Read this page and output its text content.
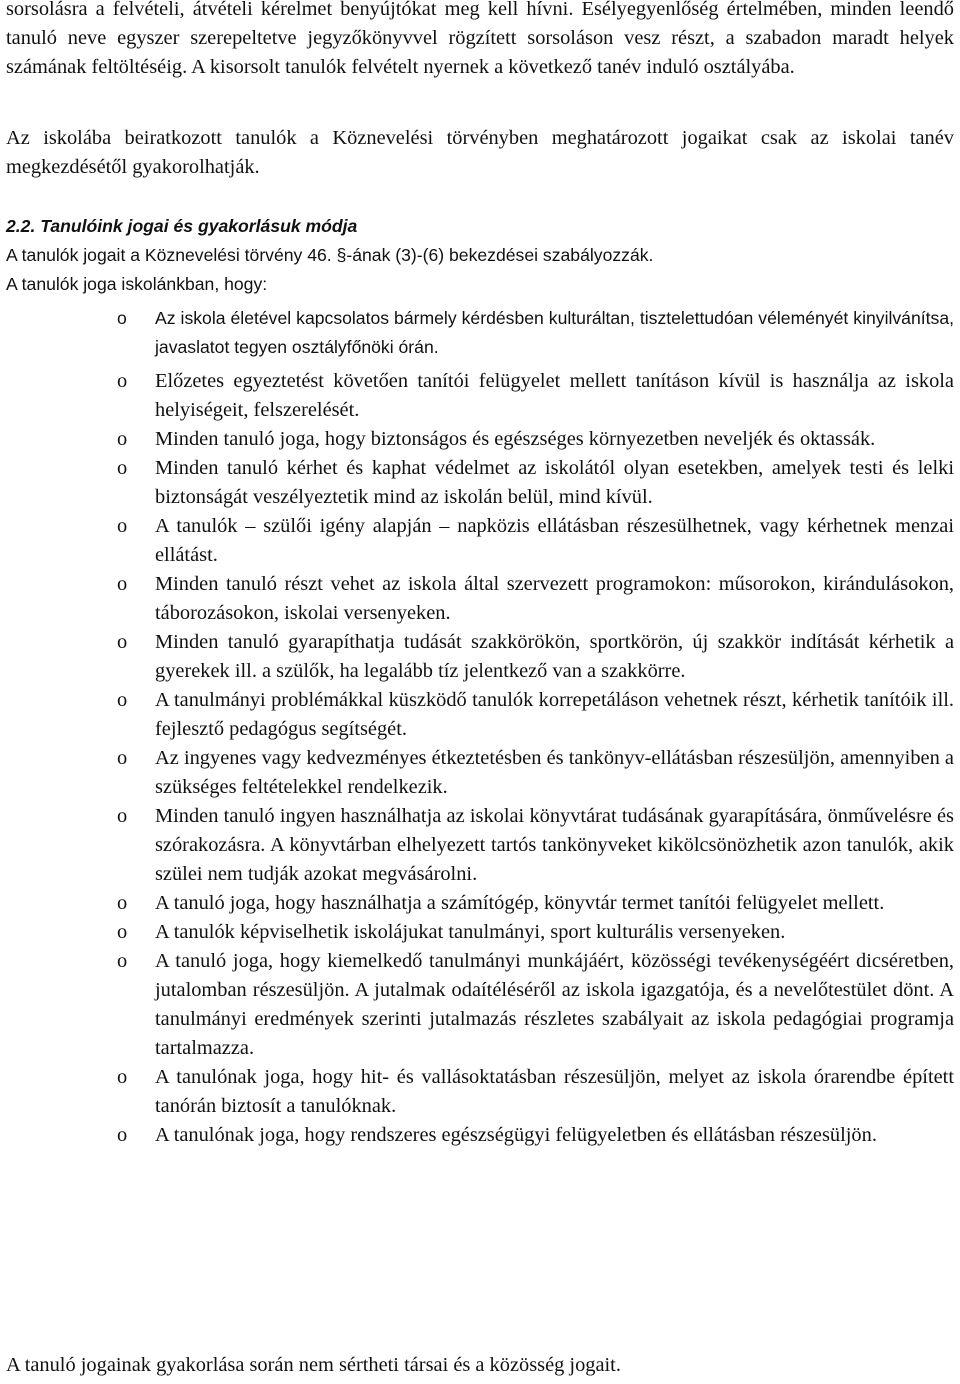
sorsolásra a felvételi, átvételi kérelmet benyújtókat meg kell hívni. Esélyegyenlőség értelmében, minden leendő tanuló neve egyszer szerepeltetve jegyzőkönyvvel rögzített sorsoláson vesz részt, a szabadon maradt helyek számának feltöltéséig. A kisorsolt tanulók felvételt nyernek a következő tanév induló osztályába.

Az iskolába beiratkozott tanulók a Köznevelési törvényben meghatározott jogaikat csak az iskolai tanév megkezdésétől gyakorolhatják.

2.2. Tanulóink jogai és gyakorlásuk módja

A tanulók jogait a Köznevelési törvény 46. §-ának (3)-(6) bekezdései szabályozzák.

A tanulók joga iskolánkban, hogy:

o Az iskola életével kapcsolatos bármely kérdésben kulturáltan, tisztelettudóan véleményét kinyilvánítsa, javaslatot tegyen osztályfőnöki órán.
o Előzetes egyeztetést követően tanítói felügyelet mellett tanításon kívül is használja az iskola helyiségeit, felszerelését.
o Minden tanuló joga, hogy biztonságos és egészséges környezetben neveljék és oktassák.
o Minden tanuló kérhet és kaphat védelmet az iskolától olyan esetekben, amelyek testi és lelki biztonságát veszélyeztetik mind az iskolán belül, mind kívül.
o A tanulók – szülői igény alapján – napközis ellátásban részesülhetnek, vagy kérhetnek menzai ellátást.
o Minden tanuló részt vehet az iskola által szervezett programokon: műsorokon, kirándulásokon, táborozásokon, iskolai versenyeken.
o Minden tanuló gyarapíthatja tudását szakkörökön, sportkörön, új szakkör indítását kérhetik a gyerekek ill. a szülők, ha legalább tíz jelentkező van a szakkörre.
o A tanulmányi problémákkal küszködő tanulók korrepetáláson vehetnek részt, kérhetik tanítóik ill. fejlesztő pedagógus segítségét.
o Az ingyenes vagy kedvezményes étkeztetésben és tankönyv-ellátásban részesüljön, amennyiben a szükséges feltételekkel rendelkezik.
o Minden tanuló ingyen használhatja az iskolai könyvtárat tudásának gyarapítására, önművelésre és szórakozásra. A könyvtárban elhelyezett tartós tankönyveket kikölcsönözhetik azon tanulók, akik szülei nem tudják azokat megvásárolni.
o A tanuló joga, hogy használhatja a számítógép, könyvtár termet tanítói felügyelet mellett.
o A tanulók képviselhetik iskolájukat tanulmányi, sport kulturális versenyeken.
o A tanuló joga, hogy kiemelkedő tanulmányi munkájáért, közösségi tevékenységéért dicséretben, jutalomban részesüljön. A jutalmak odaítéléséről az iskola igazgatója, és a nevelőtestület dönt. A tanulmányi eredmények szerinti jutalmazás részletes szabályait az iskola pedagógiai programja tartalmazza.
o A tanulónak joga, hogy hit- és vallásoktatásban részesüljön, melyet az iskola órarendbe épített tanórán biztosít a tanulóknak.
o A tanulónak joga, hogy rendszeres egészségügyi felügyeletben és ellátásban részesüljön.

A tanuló jogainak gyakorlása során nem sértheti társai és a közösség jogait.
